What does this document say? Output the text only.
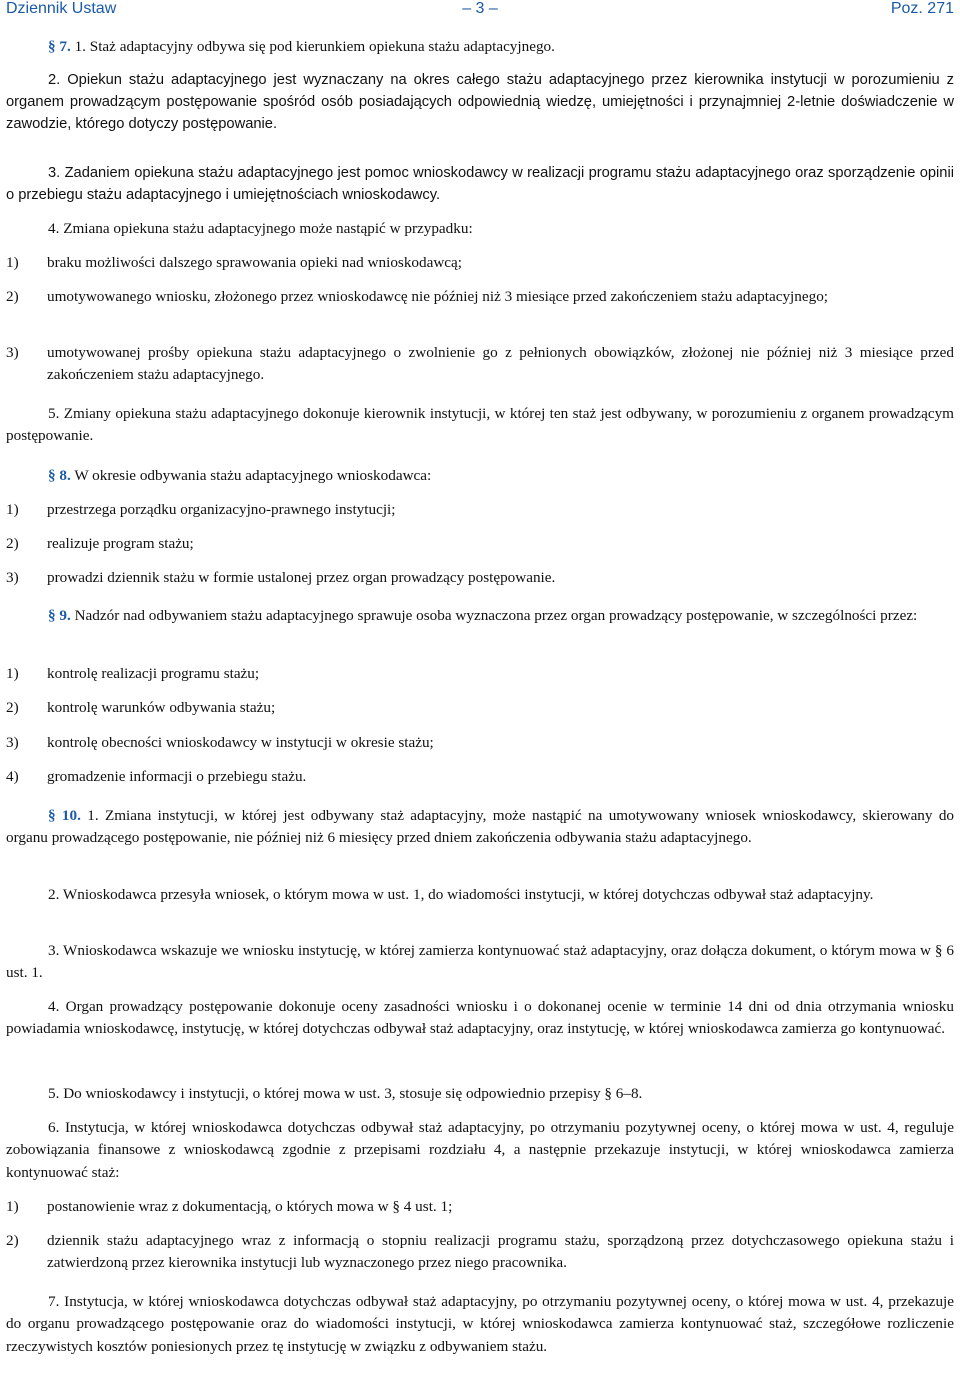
Dziennik Ustaw	– 3 –	Poz. 271
§ 7. 1. Staż adaptacyjny odbywa się pod kierunkiem opiekuna stażu adaptacyjnego.
2. Opiekun stażu adaptacyjnego jest wyznaczany na okres całego stażu adaptacyjnego przez kierownika instytucji w porozumieniu z organem prowadzącym postępowanie spośród osób posiadających odpowiednią wiedzę, umiejętności i przynajmniej 2-letnie doświadczenie w zawodzie, którego dotyczy postępowanie.
3. Zadaniem opiekuna stażu adaptacyjnego jest pomoc wnioskodawcy w realizacji programu stażu adaptacyjnego oraz sporządzenie opinii o przebiegu stażu adaptacyjnego i umiejętnościach wnioskodawcy.
4. Zmiana opiekuna stażu adaptacyjnego może nastąpić w przypadku:
1) braku możliwości dalszego sprawowania opieki nad wnioskodawcą;
2) umotywowanego wniosku, złożonego przez wnioskodawcę nie później niż 3 miesiące przed zakończeniem stażu adaptacyjnego;
3) umotywowanej prośby opiekuna stażu adaptacyjnego o zwolnienie go z pełnionych obowiązków, złożonej nie później niż 3 miesiące przed zakończeniem stażu adaptacyjnego.
5. Zmiany opiekuna stażu adaptacyjnego dokonuje kierownik instytucji, w której ten staż jest odbywany, w porozumieniu z organem prowadzącym postępowanie.
§ 8. W okresie odbywania stażu adaptacyjnego wnioskodawca:
1) przestrzega porządku organizacyjno-prawnego instytucji;
2) realizuje program stażu;
3) prowadzi dziennik stażu w formie ustalonej przez organ prowadzący postępowanie.
§ 9. Nadzór nad odbywaniem stażu adaptacyjnego sprawuje osoba wyznaczona przez organ prowadzący postępowanie, w szczególności przez:
1) kontrolę realizacji programu stażu;
2) kontrolę warunków odbywania stażu;
3) kontrolę obecności wnioskodawcy w instytucji w okresie stażu;
4) gromadzenie informacji o przebiegu stażu.
§ 10. 1. Zmiana instytucji, w której jest odbywany staż adaptacyjny, może nastąpić na umotywowany wniosek wnioskodawcy, skierowany do organu prowadzącego postępowanie, nie później niż 6 miesięcy przed dniem zakończenia odbywania stażu adaptacyjnego.
2. Wnioskodawca przesyła wniosek, o którym mowa w ust. 1, do wiadomości instytucji, w której dotychczas odbywał staż adaptacyjny.
3. Wnioskodawca wskazuje we wniosku instytucję, w której zamierza kontynuować staż adaptacyjny, oraz dołącza dokument, o którym mowa w § 6 ust. 1.
4. Organ prowadzący postępowanie dokonuje oceny zasadności wniosku i o dokonanej ocenie w terminie 14 dni od dnia otrzymania wniosku powiadamia wnioskodawcę, instytucję, w której dotychczas odbywał staż adaptacyjny, oraz instytucję, w której wnioskodawca zamierza go kontynuować.
5. Do wnioskodawcy i instytucji, o której mowa w ust. 3, stosuje się odpowiednio przepisy § 6–8.
6. Instytucja, w której wnioskodawca dotychczas odbywał staż adaptacyjny, po otrzymaniu pozytywnej oceny, o której mowa w ust. 4, reguluje zobowiązania finansowe z wnioskodawcą zgodnie z przepisami rozdziału 4, a następnie przekazuje instytucji, w której wnioskodawca zamierza kontynuować staż:
1) postanowienie wraz z dokumentacją, o których mowa w § 4 ust. 1;
2) dziennik stażu adaptacyjnego wraz z informacją o stopniu realizacji programu stażu, sporządzoną przez dotychczasowego opiekuna stażu i zatwierdzoną przez kierownika instytucji lub wyznaczonego przez niego pracownika.
7. Instytucja, w której wnioskodawca dotychczas odbywał staż adaptacyjny, po otrzymaniu pozytywnej oceny, o której mowa w ust. 4, przekazuje do organu prowadzącego postępowanie oraz do wiadomości instytucji, w której wnioskodawca zamierza kontynuować staż, szczegółowe rozliczenie rzeczywistych kosztów poniesionych przez tę instytucję w związku z odbywaniem stażu.
